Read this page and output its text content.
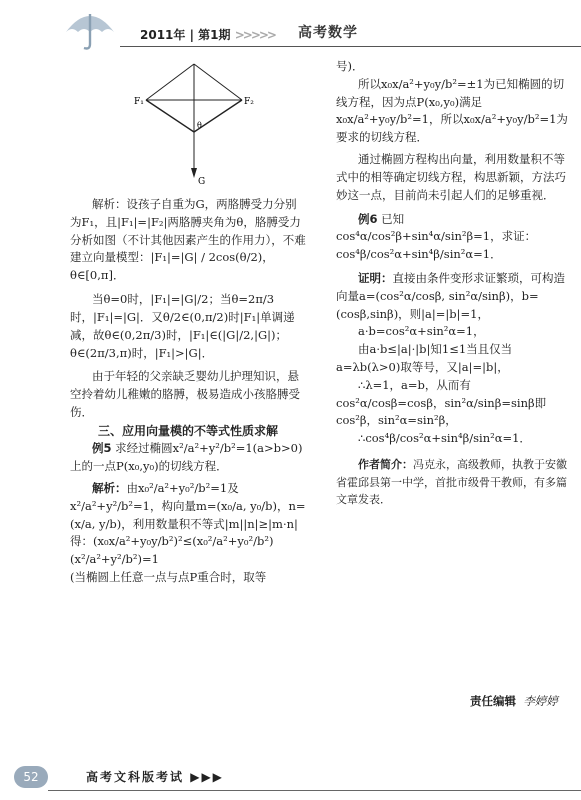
2011年 | 第1期 >>>>> 高考数学
F₁	F₂
θ
G

解析：设孩子自重为G，两胳膊受力分别为F₁，且|F₁|=|F₂|两胳膊夹角为θ，胳膊受力分析如图（不计其他因素产生的作用力），不难建立向量模型：|F₁|=|G| / 2cos(θ/2)，θ∈[0,π]．

当θ=0时，|F₁|=|G|/2；当θ=2π/3时，|F₁|=|G|．又θ/2∈(0,π/2)时|F₁|单调递减，故θ∈(0,2π/3)时，|F₁|∈(|G|/2,|G|)；θ∈(2π/3,π)时，|F₁|>|G|．

由于年轻的父亲缺乏婴幼儿护理知识，悬空拎着幼儿稚嫩的胳膊，极易造成小孩胳膊受伤．

三、应用向量模的不等式性质求解

例5 求经过椭圆x²/a²+y²/b²=1(a>b>0)上的一点P(x₀,y₀)的切线方程．

解析：由x₀²/a²+y₀²/b²=1及x²/a²+y²/b²=1，构向量m=(x₀/a, y₀/b)，n=(x/a, y/b)，利用数量积不等式|m||n|≥|m·n|得：(x₀x/a²+y₀y/b²)²≤(x₀²/a²+y₀²/b²)(x²/a²+y²/b²)=1

(当椭圆上任意一点与点P重合时，取等

号)．

所以x₀x/a²+y₀y/b²=±1为已知椭圆的切线方程，因为点P(x₀,y₀)满足x₀x/a²+y₀y/b²=1，所以x₀x/a²+y₀y/b²=1为要求的切线方程．

通过椭圆方程构出向量，利用数量积不等式中的相等确定切线方程，构思新颖，方法巧妙这一点，目前尚未引起人们的足够重视．

例6 已知cos⁴α/cos²β+sin⁴α/sin²β=1，求证：cos⁴β/cos²α+sin⁴β/sin²α=1．

证明：直接由条件变形求证繁琐，可构造向量a=(cos²α/cosβ, sin²α/sinβ)，b=(cosβ,sinβ)，则|a|=|b|=1，

a·b=cos²α+sin²α=1，

由a·b≤|a|·|b|知1≤1当且仅当a=λb(λ>0)取等号，又|a|=|b|，

∴λ=1，a=b，从而有cos²α/cosβ=cosβ，sin²α/sinβ=sinβ即cos²β，sin²α=sin²β，

∴cos⁴β/cos²α+sin⁴β/sin²α=1．

作者简介：冯克永，高级教师，执教于安徽省霍邱县第一中学，首批市级骨干教师，有多篇文章发表．

责任编辑 李婷婷
52	高考文科版考试 ▶▶▶
